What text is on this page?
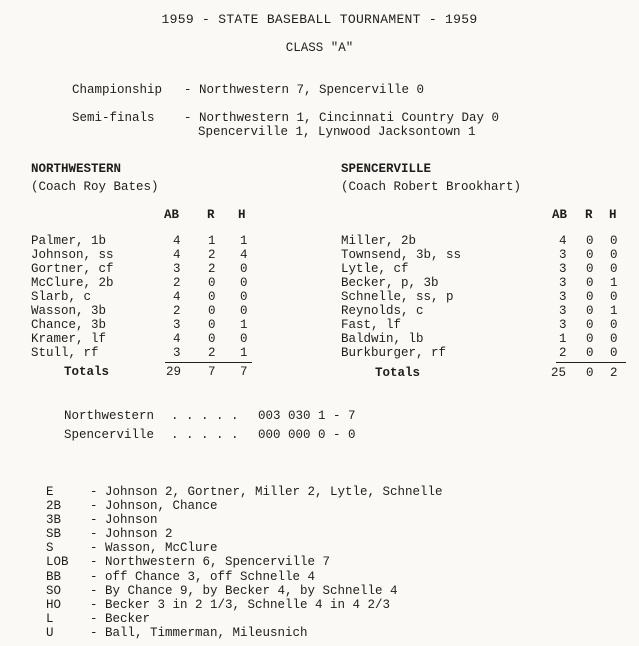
1959 - STATE BASEBALL TOURNAMENT - 1959
CLASS "A"
Championship - Northwestern 7, Spencerville 0
Semi-finals - Northwestern 1, Cincinnati Country Day 0
Spencerville 1, Lynwood Jacksontown 1
NORTHWESTERN
(Coach Roy Bates)
AB R H
Palmer, 1b	4 1 1
Johnson, ss	4 2 4
Gortner, cf	3 2 0
McClure, 2b	2 0 0
Slarb, c	4 0 0
Wasson, 3b	2 0 0
Chance, 3b	3 0 1
Kramer, lf	4 0 0
Stull, rf	3 2 1
Totals	29 7 7
SPENCERVILLE
(Coach Robert Brookhart)
AB R H
Miller, 2b	4 0 0
Townsend, 3b, ss	3 0 0
Lytle, cf	3 0 0
Becker, p, 3b	3 0 1
Schnelle, ss, p	3 0 0
Reynolds, c	3 0 1
Fast, lf	3 0 0
Baldwin, lb	1 0 0
Burkburger, rf	2 0 0
Totals	25 0 2
Northwestern . . . . . 003 030 1 - 7
Spencerville . . . . . 000 000 0 - 0
E	- Johnson 2, Gortner, Miller 2, Lytle, Schnelle
2B - Johnson, Chance
3B - Johnson
SB - Johnson 2
S	- Wasson, McClure
LOB - Northwestern 6, Spencerville 7
BB - off Chance 3, off Schnelle 4
SO - By Chance 9, by Becker 4, by Schnelle 4
HO - Becker 3 in 2 1/3, Schnelle 4 in 4 2/3
L	- Becker
U	- Ball, Timmerman, Mileusnich
